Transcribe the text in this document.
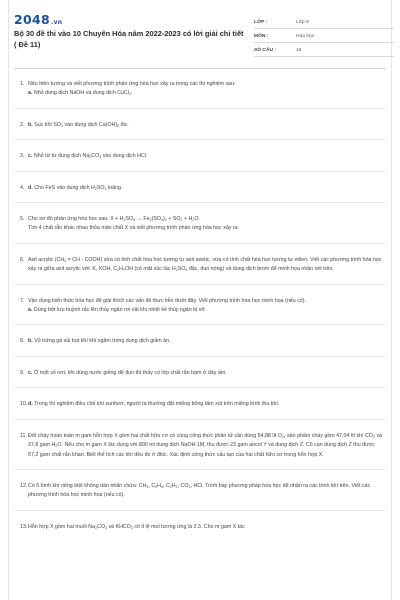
2048.vn
Bộ 30 đề thi vào 10 Chuyên Hóa năm 2022-2023 có lời giải chi tiết ( Đề 11)
LỚP :	Lớp 9
MÔN :	Hóa học
SỐ CÂU :	16
1. Nêu hiện tượng và viết phương trình phản ứng hóa học xảy ra trong các thí nghiệm sau:
a. Nhỏ dung dịch NaOH và dung dịch CuCl$_2$.
2. b. Sục khí $SO_2$ vào dung dịch $Ca(OH)_2$ dư.
3. c. Nhỏ từ từ dung dịch $Na_2CO_3$ vào dung dịch HCl.
4. d. Cho FeS vào dung dịch $H_2SO_4$ loãng.
5. Cho sơ đồ phản ứng hóa học sau: $X + H_2SO_4 \to Fe_2(SO_4)_3 + SO_2 + H_2O$.
Tìm 4 chất rắn khác nhau thỏa mãn chất X và viết phương trình phản ứng hóa học xảy ra.
6. Axit acrylic ($CH_2$ = CH - COOH) vừa có tính chất hóa học tương tự axit axetic, vừa có tính chất hóa học tương tự etilen. Viết các phương trình hóa học xảy ra giữa axit acrylic với: K, KOH, $C_2H_5OH$ (có mặt xúc tác $H_2SO_4$ đặc, đun nóng) và dung dịch brom để minh họa nhận xét trên.
7. Vận dụng kiến thức hóa học để giải thích các vấn đề thực tiễn dưới đây. Viết phương trình hóa học minh họa (nếu có).
a. Dùng bột lưu huỳnh rắc lên thủy ngân rơi vãi khi nhiệt kế thủy ngân bị vỡ.
8. b. Vỏ trứng gà sủi bọt khí khi ngâm trong dung dịch giấm ăn.
9. c. Ở một số nơi, khi dùng nước giếng để đun thì thấy có lớp chất rắn bám ở đáy ấm.
10. d. Trong thí nghiệm điều chế khí sunfurơ, người ta thường đặt miếng bông tẩm xút trên miệng bình thu khí.
11. Đốt cháy hoàn toàn m gam hỗn hợp X gồm hai chất hữu cơ có cùng công thức phân tử cần dùng 54,88 lít $O_2$, sản phẩm cháy gồm 47,04 lít khí $CO_2$ và 37,8 gam $H_2O$. Nếu cho m gam X tác dụng với 800 ml dung dịch NaOH 1M, thu được 23 gam ancol Y và dung dịch Z. Cô cạn dung dịch Z thu được 57,2 gam chất rắn khan. Biết thể tích các khí đều đo ở đktc. Xác định công thức cấu tạo của hai chất hữu cơ trong hỗn hợp X.
12. Có 5 bình khí riêng biệt không dán nhãn chứa: $CH_4$, $C_2H_4$, $C_2H_2$, $CO_2$, HCl. Trình bày phương pháp hóa học để nhận ra các bình khí trên. Viết các phương trình hóa học minh họa (nếu có).
13. Hỗn hợp X gồm hai muối $Na_2CO_3$ và $KHCO_3$ có tỉ lệ mol tương ứng là 2:3. Cho m gam X tác
